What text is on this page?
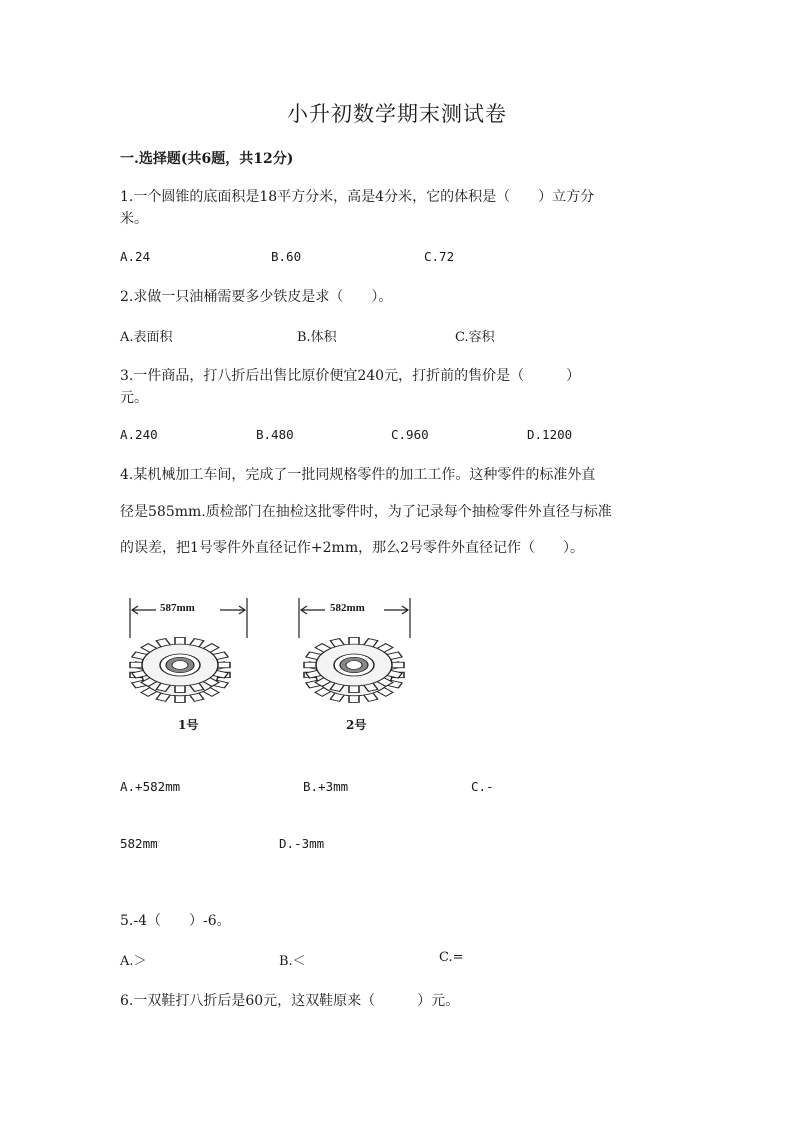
小升初数学期末测试卷
一.选择题(共6题，共12分)
1.一个圆锥的底面积是18平方分米，高是4分米，它的体积是（　　）立方分
米。
A.24	B.60	C.72
2.求做一只油桶需要多少铁皮是求（　　）。
A.表面积	B.体积	C.容积
3.一件商品，打八折后出售比原价便宜240元，打折前的售价是（　　　）
元。
A.240	B.480	C.960	D.1200
4.某机械加工车间，完成了一批同规格零件的加工工作。这种零件的标准外直
径是585mm.质检部门在抽检这批零件时，为了记录每个抽检零件外直径与标准
的误差，把1号零件外直径记作+2mm，那么2号零件外直径记作（　　）。
587mm	582mm
1号	2号
A.+582mm	B.+3mm	C.-
582mm	D.-3mm
5.-4（　　）-6。
A.＞	B.＜	C.=
6.一双鞋打八折后是60元，这双鞋原来（　　　）元。
